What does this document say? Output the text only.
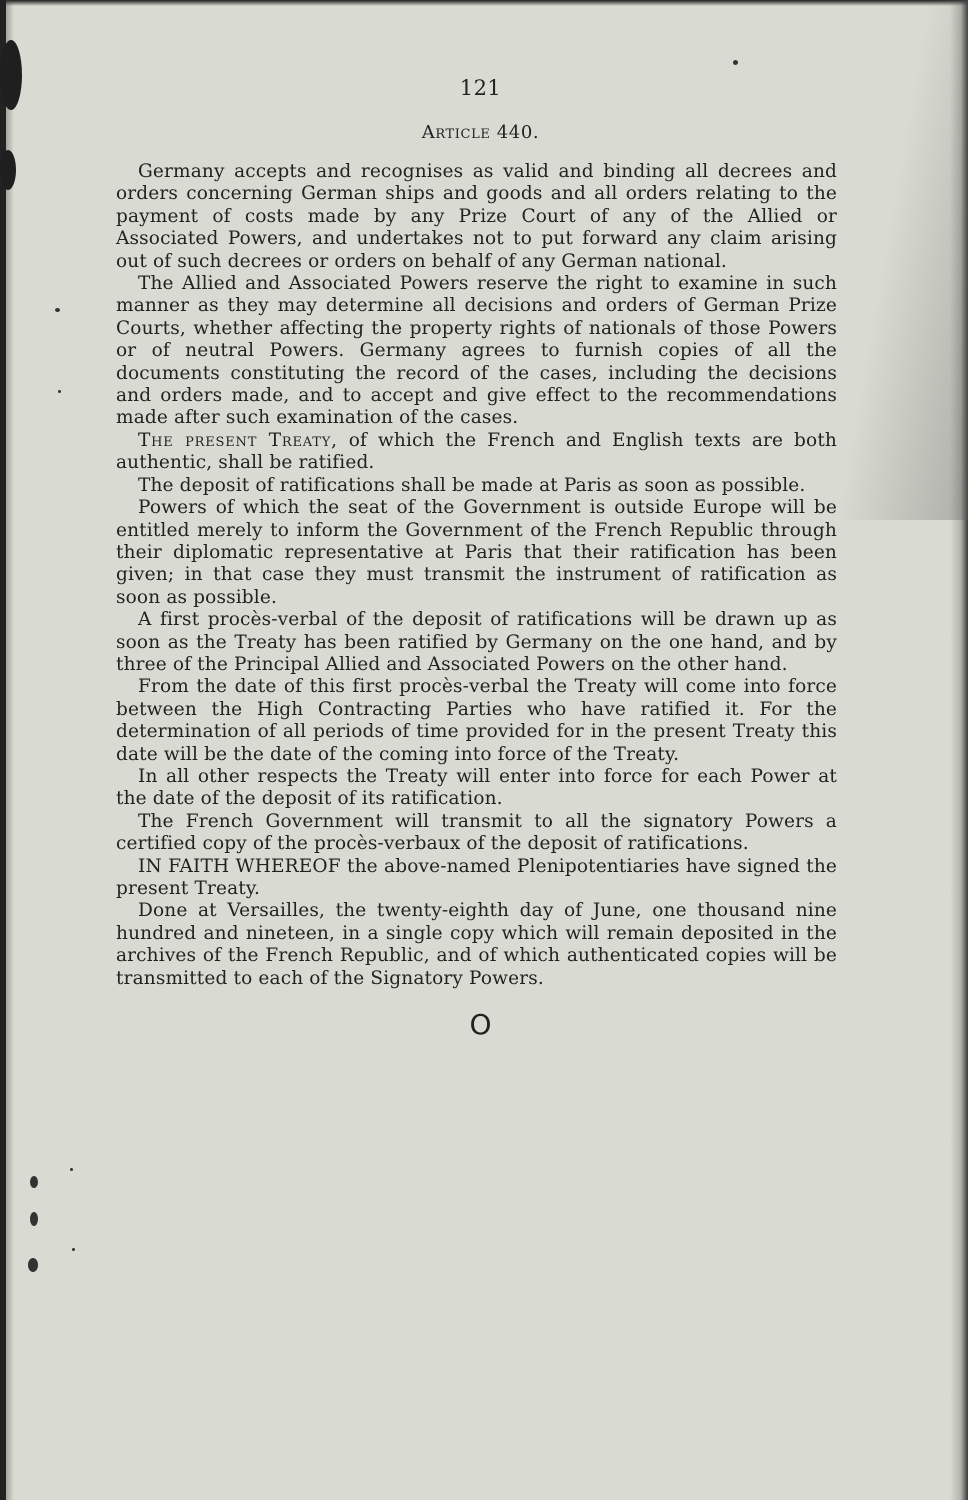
121
Article 440.

Germany accepts and recognises as valid and binding all decrees and orders concerning German ships and goods and all orders relating to the payment of costs made by any Prize Court of any of the Allied or Associated Powers, and undertakes not to put forward any claim arising out of such decrees or orders on behalf of any German national.

The Allied and Associated Powers reserve the right to examine in such manner as they may determine all decisions and orders of German Prize Courts, whether affecting the property rights of nationals of those Powers or of neutral Powers. Germany agrees to furnish copies of all the documents constituting the record of the cases, including the decisions and orders made, and to accept and give effect to the recommendations made after such examination of the cases.

The present Treaty, of which the French and English texts are both authentic, shall be ratified.

The deposit of ratifications shall be made at Paris as soon as possible.

Powers of which the seat of the Government is outside Europe will be entitled merely to inform the Government of the French Republic through their diplomatic representative at Paris that their ratification has been given; in that case they must transmit the instrument of ratification as soon as possible.

A first procès-verbal of the deposit of ratifications will be drawn up as soon as the Treaty has been ratified by Germany on the one hand, and by three of the Principal Allied and Associated Powers on the other hand.

From the date of this first procès-verbal the Treaty will come into force between the High Contracting Parties who have ratified it. For the determination of all periods of time provided for in the present Treaty this date will be the date of the coming into force of the Treaty.

In all other respects the Treaty will enter into force for each Power at the date of the deposit of its ratification.

The French Government will transmit to all the signatory Powers a certified copy of the procès-verbaux of the deposit of ratifications.

IN FAITH WHEREOF the above-named Plenipotentiaries have signed the present Treaty.

Done at Versailles, the twenty-eighth day of June, one thousand nine hundred and nineteen, in a single copy which will remain deposited in the archives of the French Republic, and of which authenticated copies will be transmitted to each of the Signatory Powers.

O
